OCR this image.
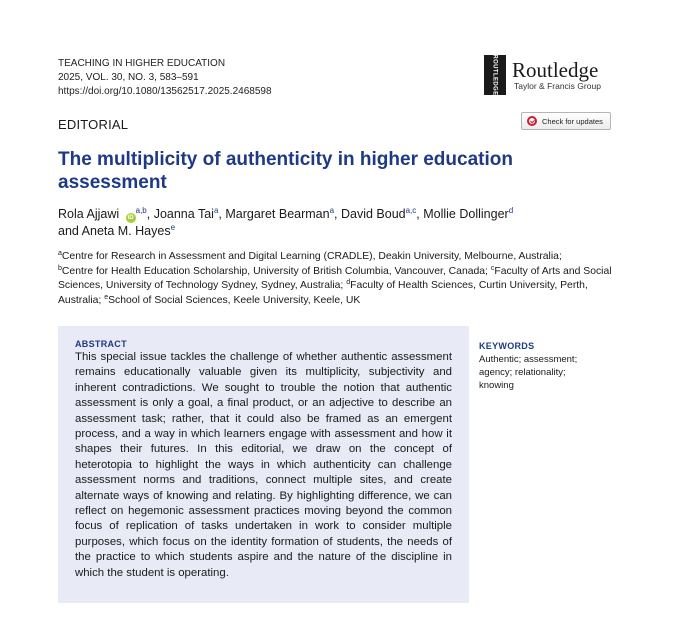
TEACHING IN HIGHER EDUCATION
2025, VOL. 30, NO. 3, 583–591
https://doi.org/10.1080/13562517.2025.2468598	ROUTLEDGE Routledge
Taylor & Francis Group
EDITORIAL	Check for updates
The multiplicity of authenticity in higher education assessment
Rola Ajjawi iD$^{a,b}$, Joanna Tai$^a$, Margaret Bearman$^a$, David Boud$^{a,c}$, Mollie Dollinger$^d$
and Aneta M. Hayes$^e$
$^a$Centre for Research in Assessment and Digital Learning (CRADLE), Deakin University, Melbourne, Australia;
$^b$Centre for Health Education Scholarship, University of British Columbia, Vancouver, Canada; $^c$Faculty of Arts and Social Sciences, University of Technology Sydney, Sydney, Australia; $^d$Faculty of Health Sciences, Curtin University, Perth, Australia; $^e$School of Social Sciences, Keele University, Keele, UK
ABSTRACT
This special issue tackles the challenge of whether authentic assessment remains educationally valuable given its multiplicity, subjectivity and inherent contradictions. We sought to trouble the notion that authentic assessment is only a goal, a final product, or an adjective to describe an assessment task; rather, that it could also be framed as an emergent process, and a way in which learners engage with assessment and how it shapes their futures. In this editorial, we draw on the concept of heterotopia to highlight the ways in which authenticity can challenge assessment norms and traditions, connect multiple sites, and create alternate ways of knowing and relating. By highlighting difference, we can reflect on hegemonic assessment practices moving beyond the common focus of replication of tasks undertaken in work to consider multiple purposes, which focus on the identity formation of students, the needs of the practice to which students aspire and the nature of the discipline in which the student is operating.
KEYWORDS
Authentic; assessment; agency; relationality; knowing
